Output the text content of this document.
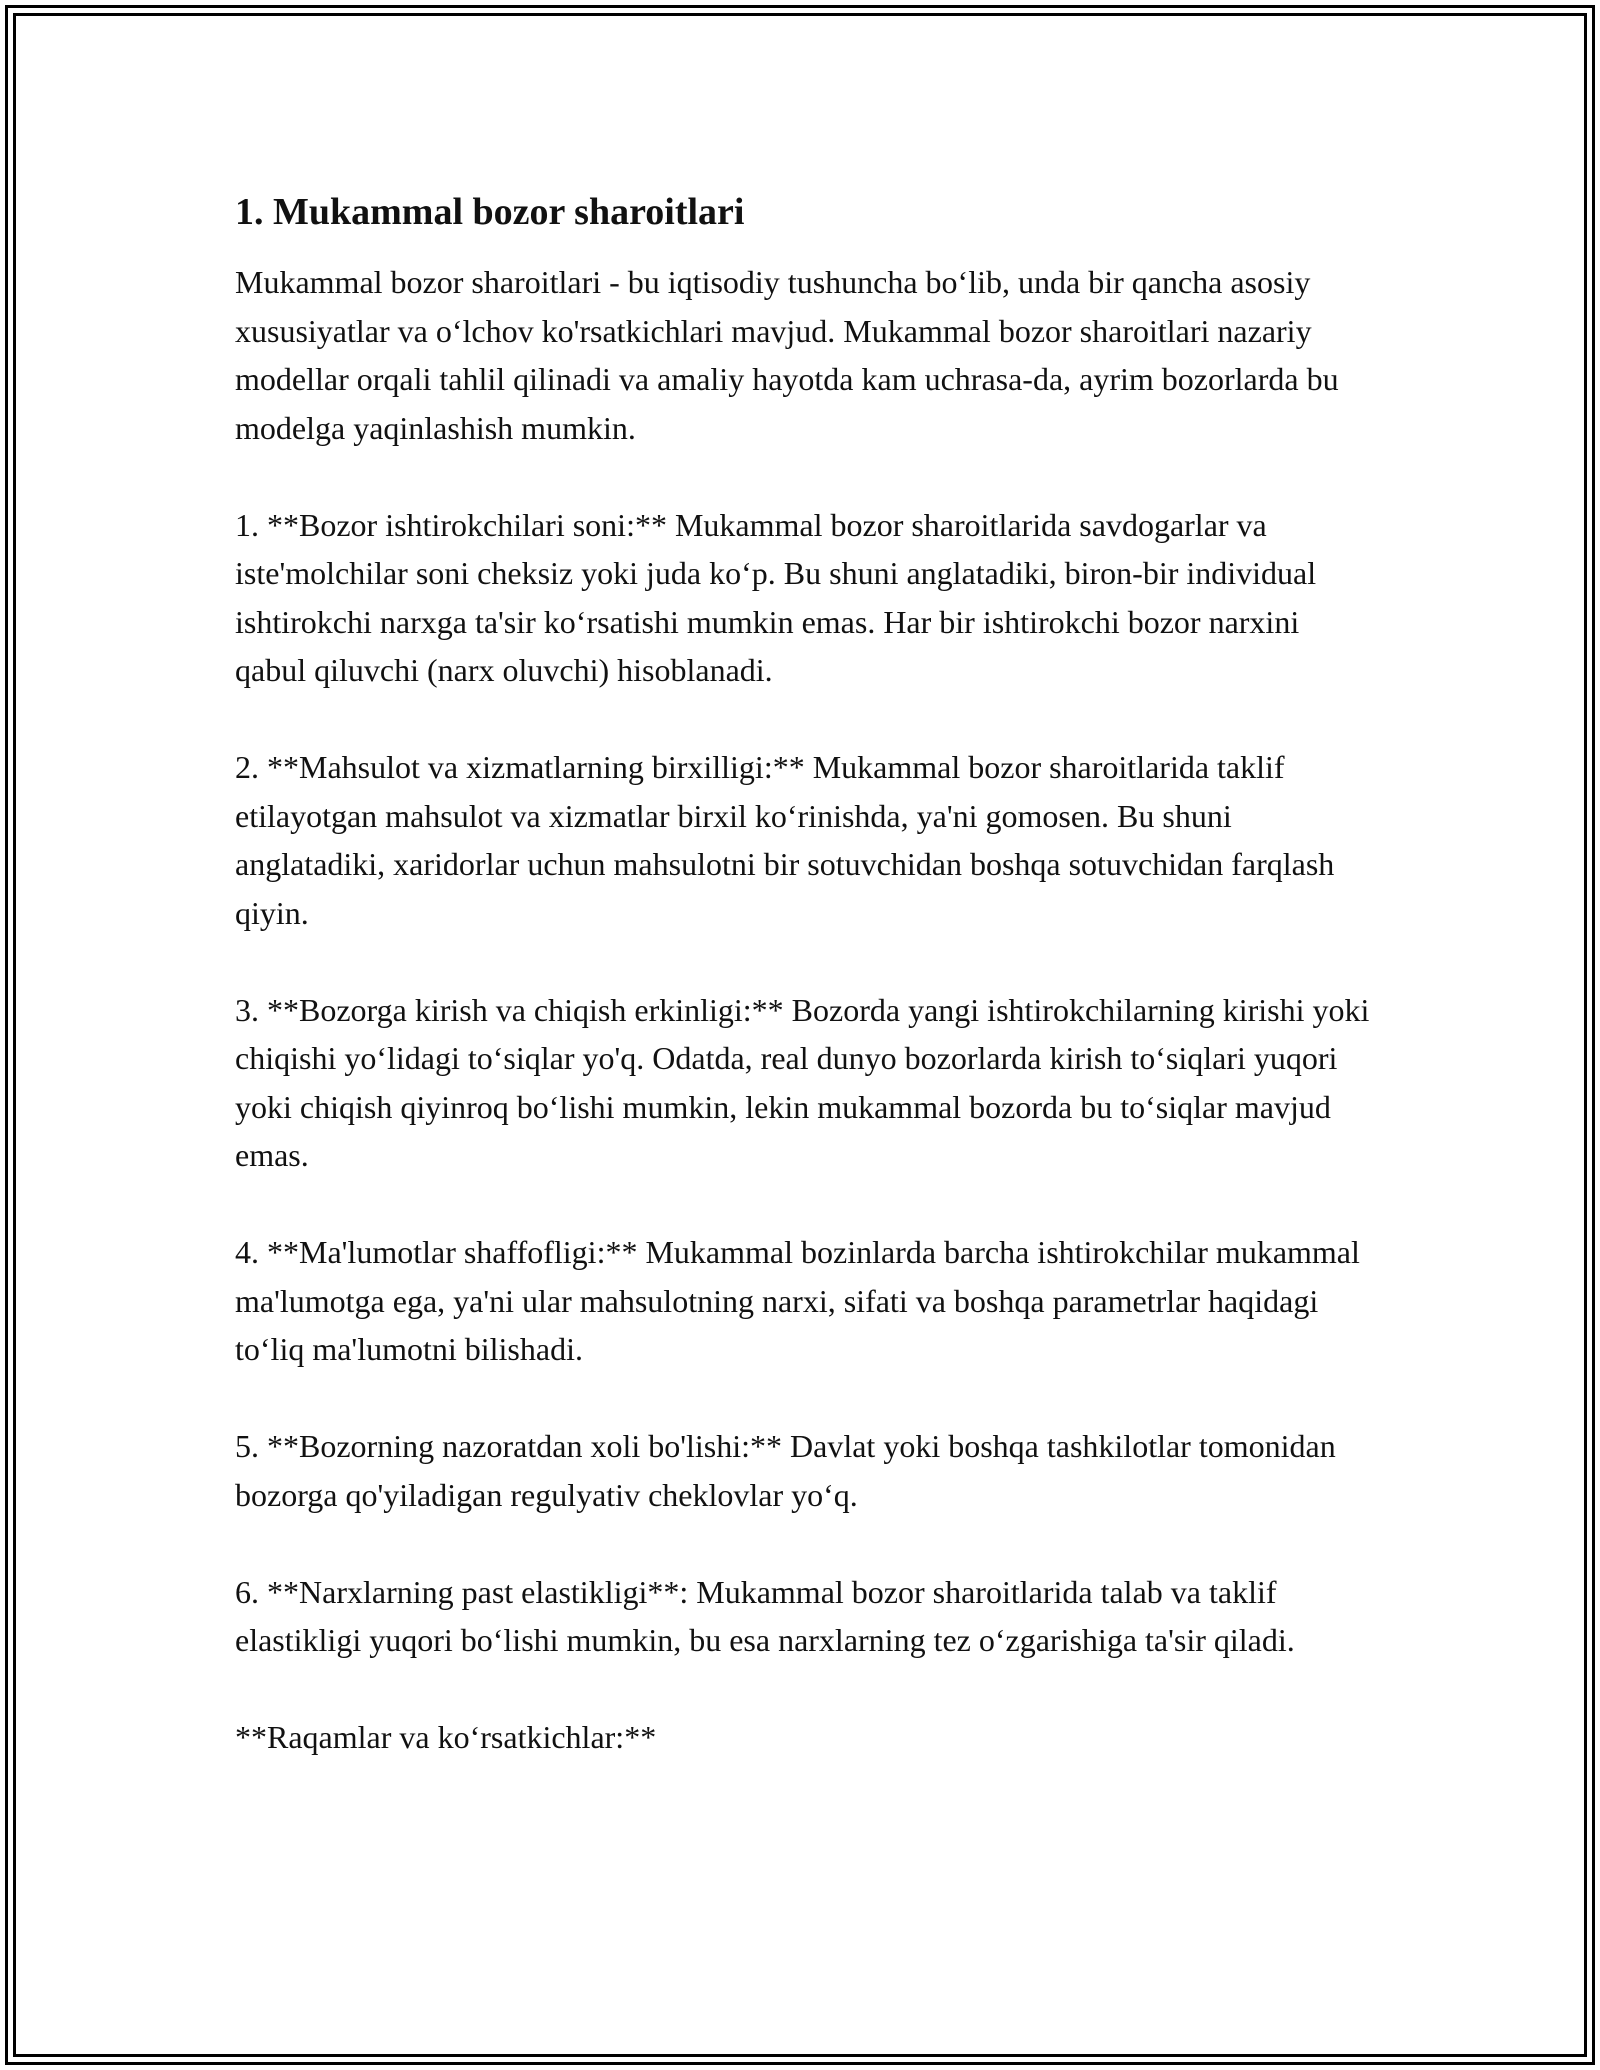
1. Mukammal bozor sharoitlari

Mukammal bozor sharoitlari - bu iqtisodiy tushuncha bo‘lib, unda bir qancha asosiy xususiyatlar va o‘lchov ko'rsatkichlari mavjud. Mukammal bozor sharoitlari nazariy modellar orqali tahlil qilinadi va amaliy hayotda kam uchrasa-da, ayrim bozorlarda bu modelga yaqinlashish mumkin.

1. **Bozor ishtirokchilari soni:** Mukammal bozor sharoitlarida savdogarlar va iste'molchilar soni cheksiz yoki juda ko‘p. Bu shuni anglatadiki, biron-bir individual ishtirokchi narxga ta'sir ko‘rsatishi mumkin emas. Har bir ishtirokchi bozor narxini qabul qiluvchi (narx oluvchi) hisoblanadi.

2. **Mahsulot va xizmatlarning birxilligi:** Mukammal bozor sharoitlarida taklif etilayotgan mahsulot va xizmatlar birxil ko‘rinishda, ya'ni gomosen. Bu shuni anglatadiki, xaridorlar uchun mahsulotni bir sotuvchidan boshqa sotuvchidan farqlash qiyin.

3. **Bozorga kirish va chiqish erkinligi:** Bozorda yangi ishtirokchilarning kirishi yoki chiqishi yo‘lidagi to‘siqlar yo'q. Odatda, real dunyo bozorlarda kirish to‘siqlari yuqori yoki chiqish qiyinroq bo‘lishi mumkin, lekin mukammal bozorda bu to‘siqlar mavjud emas.

4. **Ma'lumotlar shaffofligi:** Mukammal bozinlarda barcha ishtirokchilar mukammal ma'lumotga ega, ya'ni ular mahsulotning narxi, sifati va boshqa parametrlar haqidagi to‘liq ma'lumotni bilishadi.

5. **Bozorning nazoratdan xoli bo'lishi:** Davlat yoki boshqa tashkilotlar tomonidan bozorga qo'yiladigan regulyativ cheklovlar yo‘q.

6. **Narxlarning past elastikligi**: Mukammal bozor sharoitlarida talab va taklif elastikligi yuqori bo‘lishi mumkin, bu esa narxlarning tez o‘zgarishiga ta'sir qiladi.

**Raqamlar va ko‘rsatkichlar:**
